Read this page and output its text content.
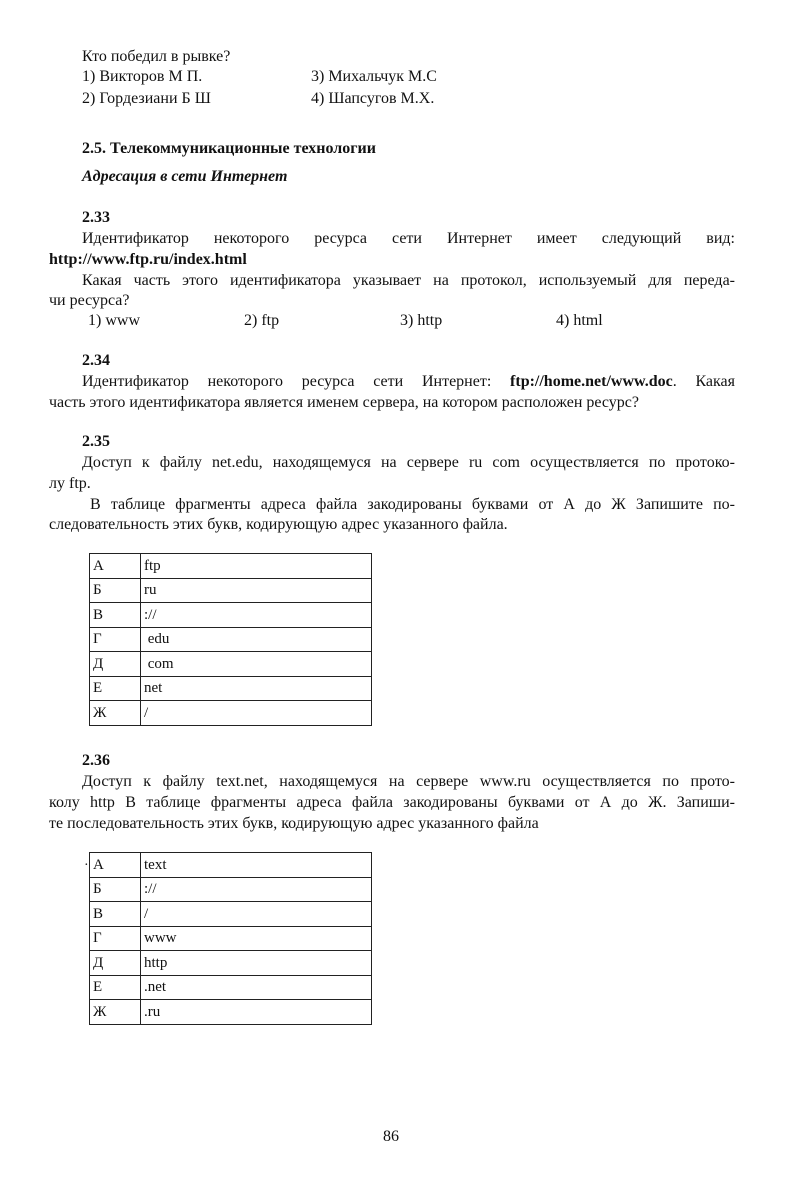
Кто победил в рывке?
1) Викторов М П.
2) Гордезиани Б Ш
3) Михальчук М.С
4) Шапсугов М.Х.
2.5. Телекоммуникационные технологии
Адресация в сети Интернет
2.33
Идентификатор некоторого ресурса сети Интернет имеет следующий вид:
http://www.ftp.ru/index.html
Какая часть этого идентификатора указывает на протокол, используемый для переда-
чи ресурса?
1) www	2) ftp	3) http	4) html
2.34
Идентификатор некоторого ресурса сети Интернет: ftp://home.net/www.doc. Какая
часть этого идентификатора является именем сервера, на котором расположен ресурс?
2.35
Доступ к файлу net.edu, находящемуся на сервере ru com осуществляется по протоко-
лу ftp.
В таблице фрагменты адреса файла закодированы буквами от А до Ж Запишите по-
следовательность этих букв, кодирующую адрес указанного файла.
А	ftp
Б	ru
В	://
Г	edu
Д	com
Е	net
Ж	/
2.36
Доступ к файлу text.net, находящемуся на сервере www.ru осуществляется по прото-
колу http В таблице фрагменты адреса файла закодированы буквами от А до Ж. Запиши-
те последовательность этих букв, кодирующую адрес указанного файла
· А	text
Б	://
В	/
Г	www
Д	http
Е	.net
Ж	.ru
86
